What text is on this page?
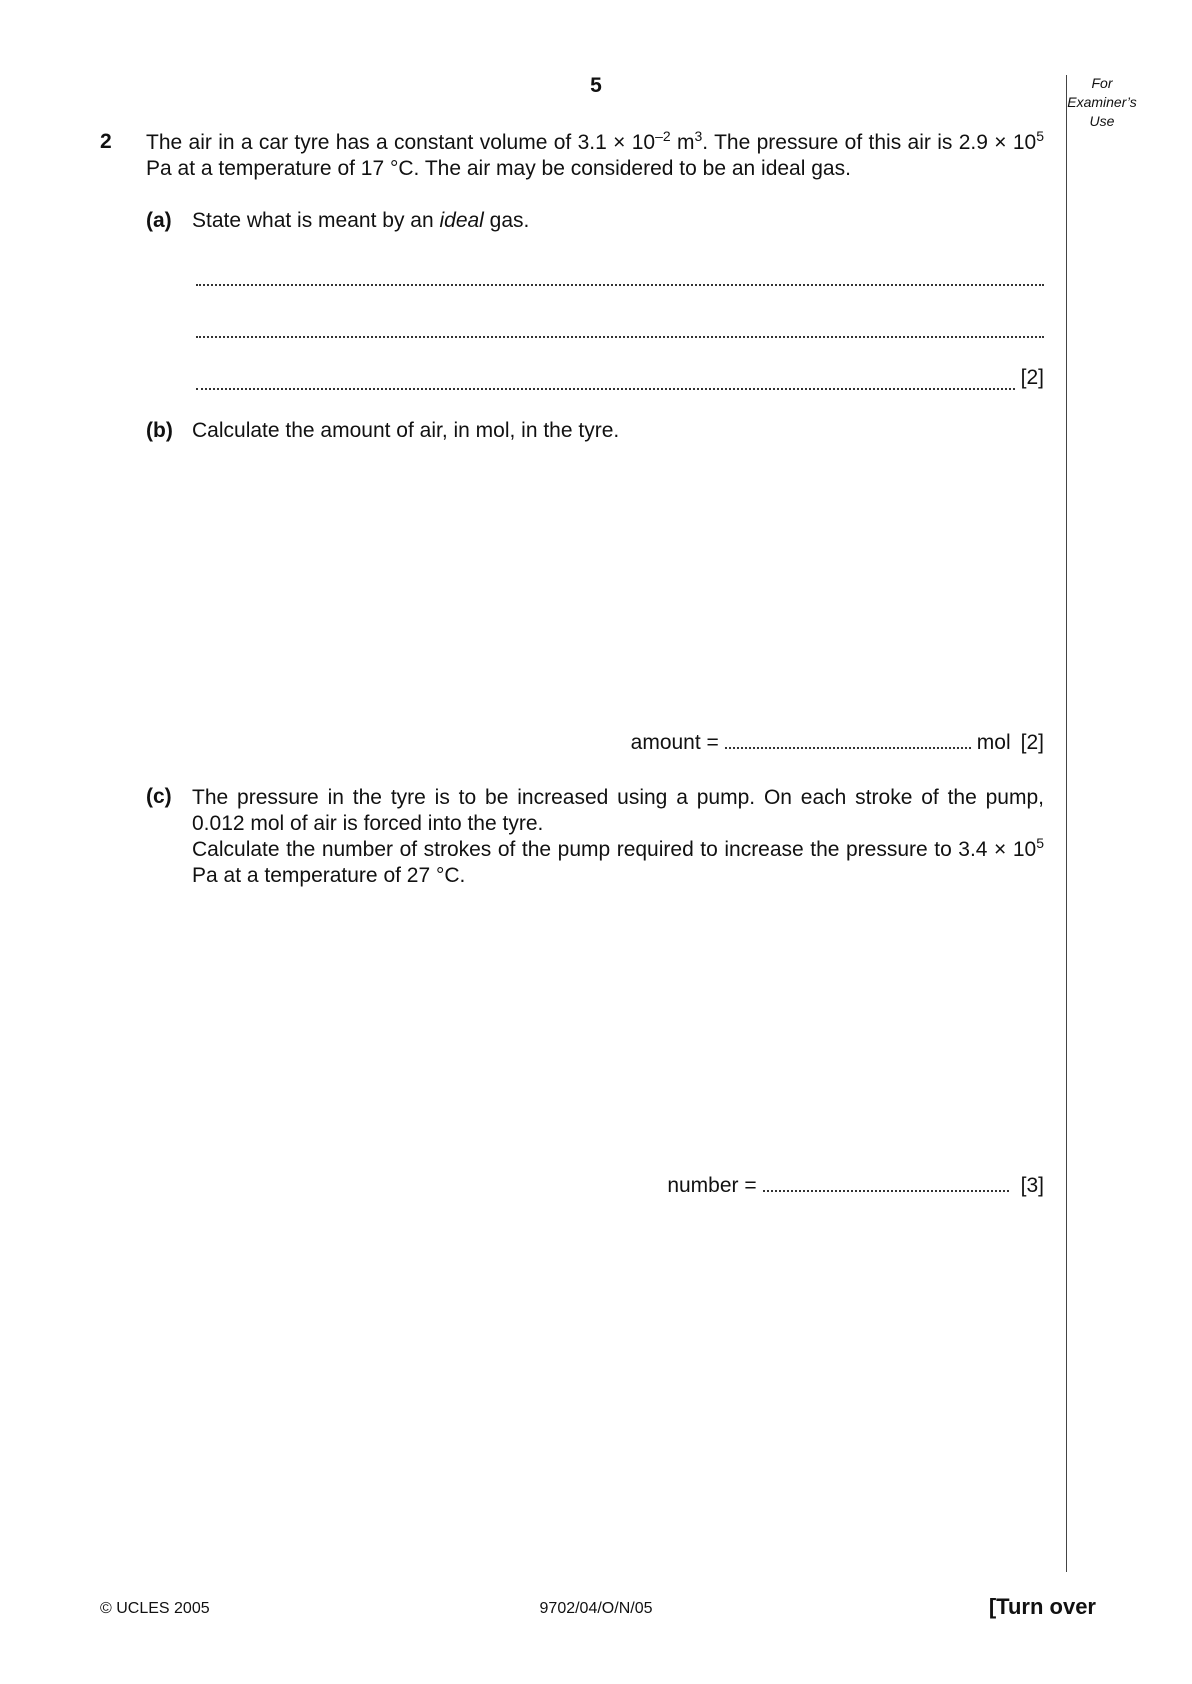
5	For
Examiner’s
Use
2 The air in a car tyre has a constant volume of $3.1 \times 10^{-2}$ $m^3$. The pressure of this air is $2.9 \times 10^5$ Pa at a temperature of 17 °C. The air may be considered to be an ideal gas.
(a) State what is meant by an ideal gas.
[2]
(b) Calculate the amount of air, in mol, in the tyre.
amount =	mol [2]
(c) The pressure in the tyre is to be increased using a pump. On each stroke of the pump, 0.012 mol of air is forced into the tyre.
Calculate the number of strokes of the pump required to increase the pressure to $3.4 \times 10^5$ Pa at a temperature of 27 °C.
number =	[3]
© UCLES 2005	9702/04/O/N/05	[Turn over
